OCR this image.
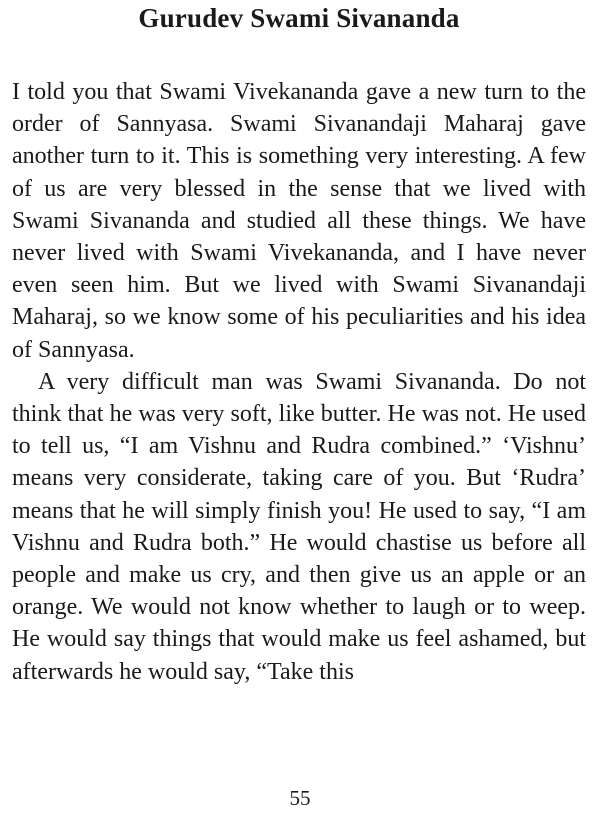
Gurudev Swami Sivananda

I told you that Swami Vivekananda gave a new turn to the order of Sannyasa. Swami Sivanandaji Maharaj gave another turn to it. This is something very interesting. A few of us are very blessed in the sense that we lived with Swami Sivananda and studied all these things. We have never lived with Swami Vivekananda, and I have never even seen him. But we lived with Swami Sivanandaji Maharaj, so we know some of his peculiarities and his idea of Sannyasa.

A very difficult man was Swami Sivananda. Do not think that he was very soft, like butter. He was not. He used to tell us, “I am Vishnu and Rudra combined.” ‘Vishnu’ means very considerate, taking care of you. But ‘Rudra’ means that he will simply finish you! He used to say, “I am Vishnu and Rudra both.” He would chastise us before all people and make us cry, and then give us an apple or an orange. We would not know whether to laugh or to weep. He would say things that would make us feel ashamed, but afterwards he would say, “Take this

55
